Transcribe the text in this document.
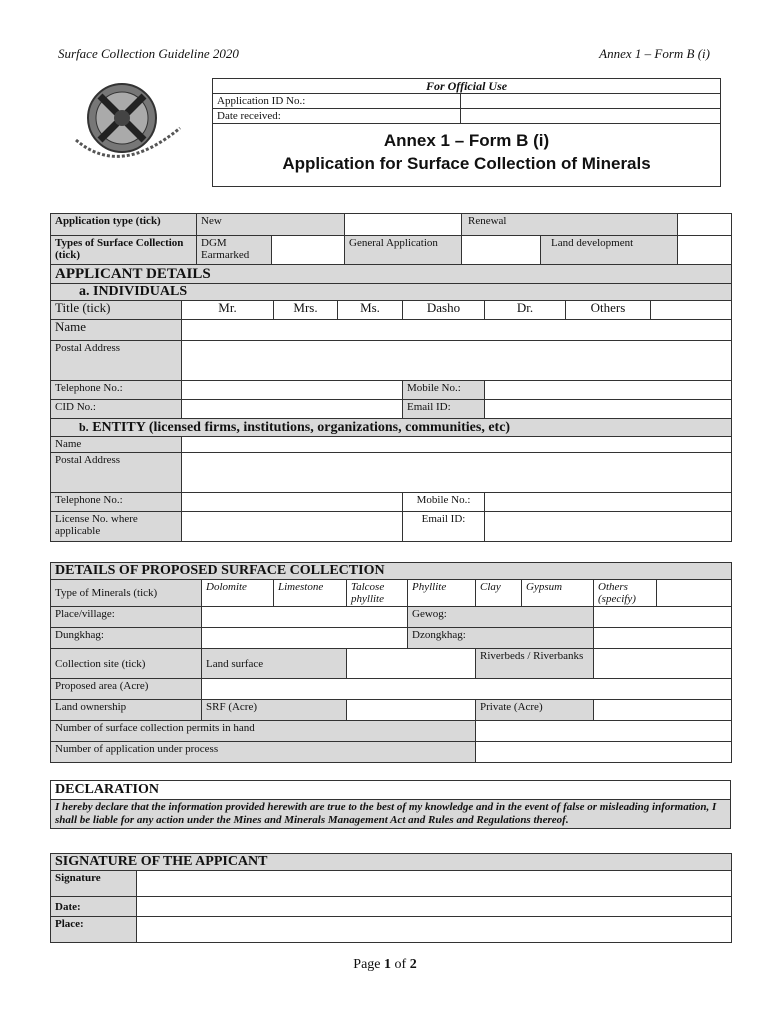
Surface Collection Guideline 2020	Annex 1 – Form B (i)
For Official Use	
Application ID No.:	
Date received:	

Annex 1 – Form B (i)
Application for Surface Collection of Minerals	
Application type (tick)	New			Renewal		
Types of Surface Collection (tick)	DGM Earmarked		General Application		Land development	
APPLICANT DETAILS							
a. INDIVIDUALS							
Title (tick)	Mr.	Mrs.	Ms.	Dasho	Dr.	Others	
Name							
Postal Address							
Telephone No.:				Mobile No.:			
CID No.:				Email ID:			
b. ENTITY (licensed firms, institutions, organizations, communities, etc)							
Name							
Postal Address							
Telephone No.:				Mobile No.:			
License No. where applicable				Email ID:			
DETAILS OF PROPOSED SURFACE COLLECTION								
Type of Minerals (tick)	Dolomite	Limestone	Talcose phyllite	Phyllite	Clay	Gypsum	Others (specify)	
Place/village:				Gewog:				
Dungkhag:				Dzongkhag:				
Collection site (tick)	Land surface				Riverbeds / Riverbanks			
Proposed area (Acre)								
Land ownership	SRF (Acre)				Private (Acre)			
Number of surface collection permits in hand								
Number of application under process								
DECLARATION
I hereby declare that the information provided herewith are true to the best of my knowledge and in the event of false or misleading information, I shall be liable for any action under the Mines and Minerals Management Act and Rules and Regulations thereof.
SIGNATURE OF THE APPICANT	
Signature	
Date:	
Place:	
Page 1 of 2
